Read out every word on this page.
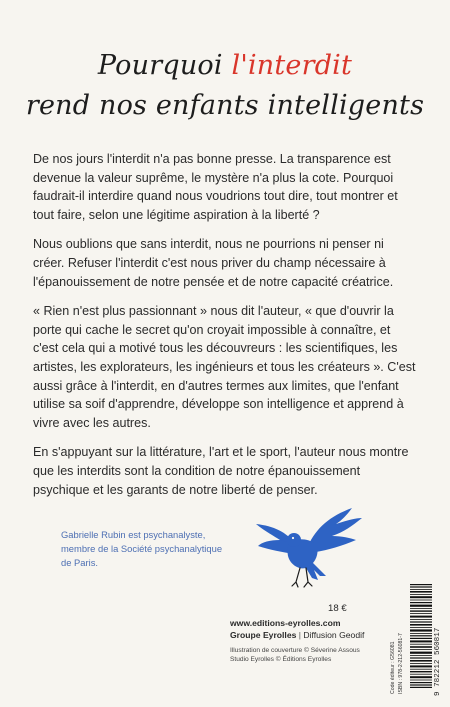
Pourquoi l'interdit
rend nos enfants intelligents

De nos jours l'interdit n'a pas bonne presse. La transparence est devenue la valeur suprême, le mystère n'a plus la cote. Pourquoi faudrait-il interdire quand nous voudrions tout dire, tout montrer et tout faire, selon une légitime aspiration à la liberté ?

Nous oublions que sans interdit, nous ne pourrions ni penser ni créer. Refuser l'interdit c'est nous priver du champ nécessaire à l'épanouissement de notre pensée et de notre capacité créatrice.

« Rien n'est plus passionnant » nous dit l'auteur, « que d'ouvrir la porte qui cache le secret qu'on croyait impossible à connaître, et c'est cela qui a motivé tous les découvreurs : les scientifiques, les artistes, les explorateurs, les ingénieurs et tous les créateurs ». C'est aussi grâce à l'interdit, en d'autres termes aux limites, que l'enfant utilise sa soif d'apprendre, développe son intelligence et apprend à vivre avec les autres.

En s'appuyant sur la littérature, l'art et le sport, l'auteur nous montre que les interdits sont la condition de notre épanouissement psychique et les garants de notre liberté de penser.

Gabrielle Rubin est psychanalyste,
membre de la Société psychanalytique
de Paris.
18 €
www.editions-eyrolles.com
Groupe Eyrolles | Diffusion Geodif
Illustration de couverture © Séverine Assous
Studio Eyrolles © Éditions Eyrolles	Code éditeur : G56081 ISBN : 978-2-212-56081-7	9 782212 560817
